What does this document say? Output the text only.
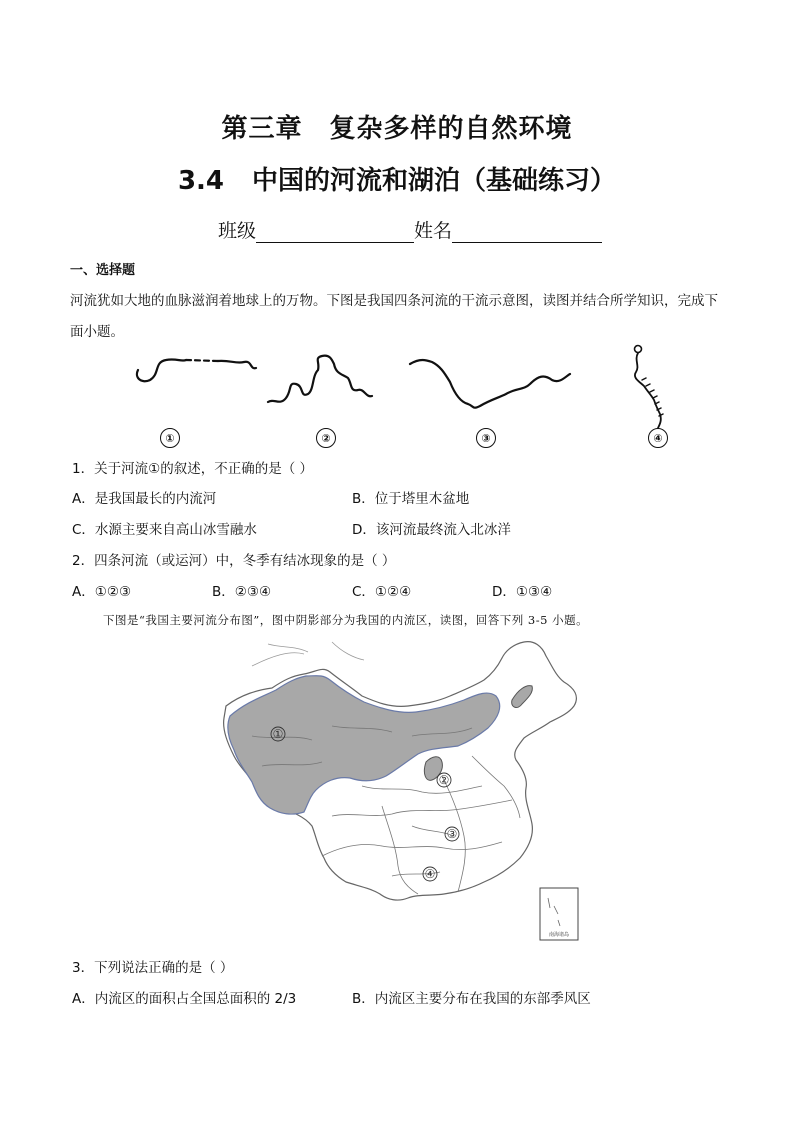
第三章　复杂多样的自然环境
3.4 中国的河流和湖泊（基础练习）
班级	姓名
一、选择题
河流犹如大地的血脉滋润着地球上的万物。下图是我国四条河流的干流示意图，读图并结合所学知识，完成下面小题。
①	②	③	④
1．关于河流①的叙述，不正确的是（ ）
A．是我国最长的内流河	B．位于塔里木盆地
C．水源主要来自高山冰雪融水	D．该河流最终流入北冰洋
2．四条河流（或运河）中，冬季有结冰现象的是（ ）
A．①②③	B．②③④	C．①②④	D．①③④
下图是“我国主要河流分布图”，图中阴影部分为我国的内流区，读图，回答下列 3-5 小题。
南海诸岛
①
②
③
④
3．下列说法正确的是（ ）
A．内流区的面积占全国总面积的 2/3	B．内流区主要分布在我国的东部季风区
